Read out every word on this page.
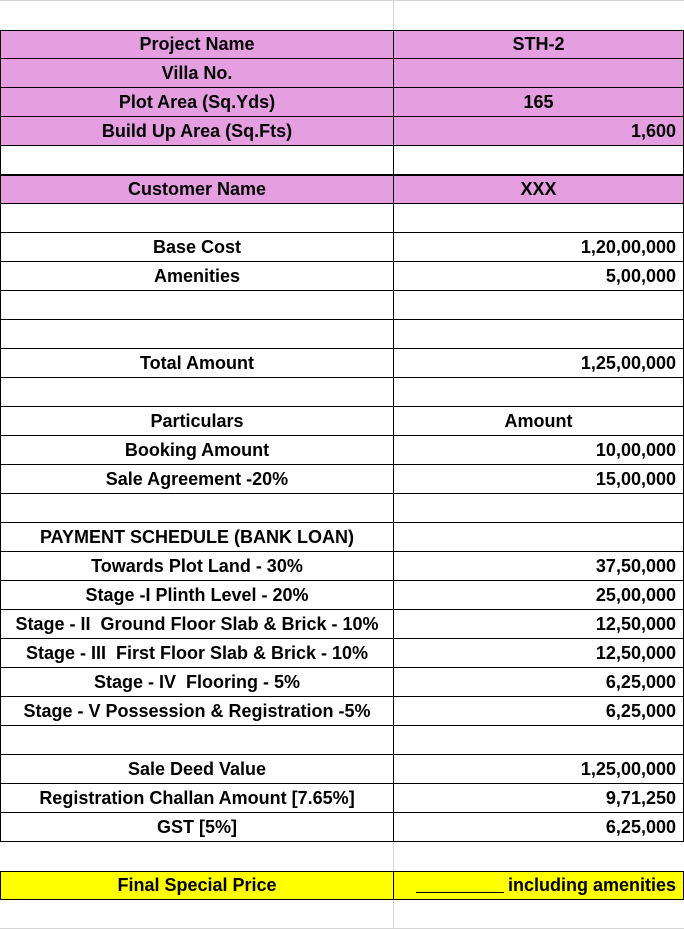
Project Name	STH-2
Villa No.
Plot Area (Sq.Yds)	165
Build Up Area (Sq.Fts)	1,600
Customer Name	XXX
Base Cost	1,20,00,000
Amenities	5,00,000
Total Amount	1,25,00,000
Particulars	Amount
Booking Amount	10,00,000
Sale Agreement -20%	15,00,000
PAYMENT SCHEDULE (BANK LOAN)
Towards Plot Land - 30%	37,50,000
Stage -I Plinth Level - 20%	25,00,000
Stage - II  Ground Floor Slab & Brick - 10%	12,50,000
Stage - III  First Floor Slab & Brick - 10%	12,50,000
Stage - IV  Flooring - 5%	6,25,000
Stage - V Possession & Registration -5%	6,25,000
Sale Deed Value	1,25,00,000
Registration Challan Amount [7.65%]	9,71,250
GST [5%]	6,25,000
Final Special Price	including amenities
